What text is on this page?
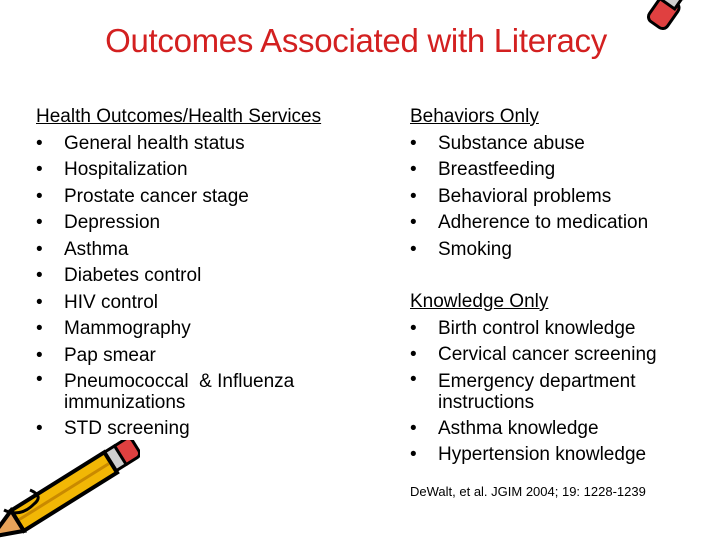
Outcomes Associated with Literacy
Health Outcomes/Health Services
• General health status
• Hospitalization
• Prostate cancer stage
• Depression
• Asthma
• Diabetes control
• HIV control
• Mammography
• Pap smear
• Pneumococcal  & Influenza immunizations
• STD screening
Behaviors Only
• Substance abuse
• Breastfeeding
• Behavioral problems
• Adherence to medication
• Smoking
Knowledge Only
• Birth control knowledge
• Cervical cancer screening
• Emergency department instructions
• Asthma knowledge
• Hypertension knowledge
DeWalt, et al. JGIM 2004; 19: 1228-1239
